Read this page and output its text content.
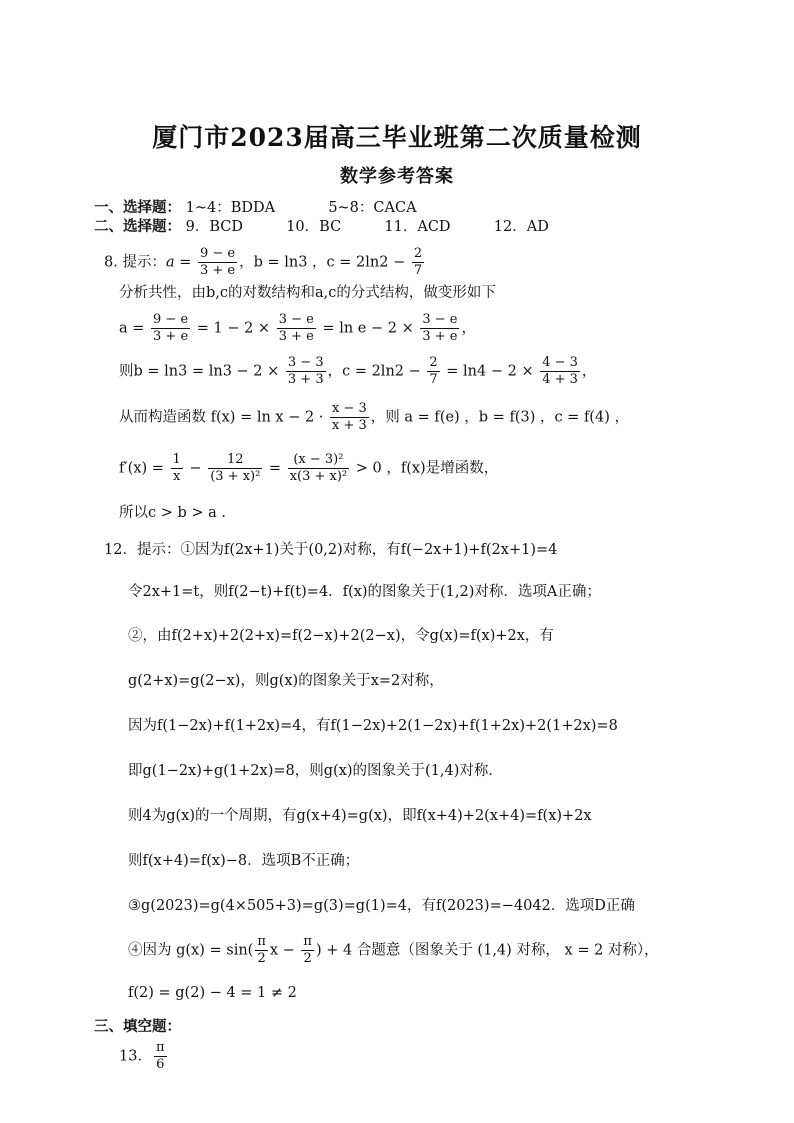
厦门市2023届高三毕业班第二次质量检测
数学参考答案
一、选择题： 1~4：BDDA	5~8：CACA
二、选择题： 9．BCD	10．BC	11．ACD	12．AD
8. 提示：$a = \frac{9 - e}{3 + e}$ ，b = ln3 ，$c = 2\ln 2 - \frac{2}{7}$
分析共性，由b,c的对数结构和a,c的分式结构，做变形如下
$a = \frac{9 - e}{3 + e} = 1 - 2 \times \frac{3 - e}{3 + e} = \ln e - 2 \times \frac{3 - e}{3 + e}$ ，
则$b = \ln 3 = \ln 3 - 2 \times \frac{3 - 3}{3 + 3}$ ，$c = 2\ln 2 - \frac{2}{7} = \ln 4 - 2 \times \frac{4 - 3}{4 + 3}$ ，
从而构造函数 $f(x) = \ln x - 2 \cdot \frac{x - 3}{x + 3}$ ，则 a = f(e) ，b = f(3) ，c = f(4) ，
$f'(x) = \frac{1}{x} - \frac{12}{\text{(3 + x)²}} = \frac{\text{(x − 3)²}}{\text{x(3 + x)²}} > 0$ ，f(x)是增函数，
所以c > b > a .
12．提示：①因为f(2x+1)关于(0,2)对称，有f(−2x+1)+f(2x+1)=4
令2x+1=t，则f(2−t)+f(t)=4．f(x)的图象关于(1,2)对称．选项A正确；
②，由f(2+x)+2(2+x)=f(2−x)+2(2−x)，令g(x)=f(x)+2x，有
g(2+x)=g(2−x)，则g(x)的图象关于x=2对称，
因为f(1−2x)+f(1+2x)=4，有f(1−2x)+2(1−2x)+f(1+2x)+2(1+2x)=8
即g(1−2x)+g(1+2x)=8，则g(x)的图象关于(1,4)对称．
则4为g(x)的一个周期，有g(x+4)=g(x)，即f(x+4)+2(x+4)=f(x)+2x
则f(x+4)=f(x)−8．选项B不正确；
③g(2023)=g(4×505+3)=g(3)=g(1)=4，有f(2023)=−4042．选项D正确
④因为 $g(x) = \sin( \frac{\pi}{2}$ $x - \frac{\pi}{2}$ ) + 4 合题意（图象关于 (1,4) 对称， x = 2 对称），
f(2) = g(2) − 4 = 1 ≠ 2
三、填空题：
13． $\frac{\pi}{6}$
